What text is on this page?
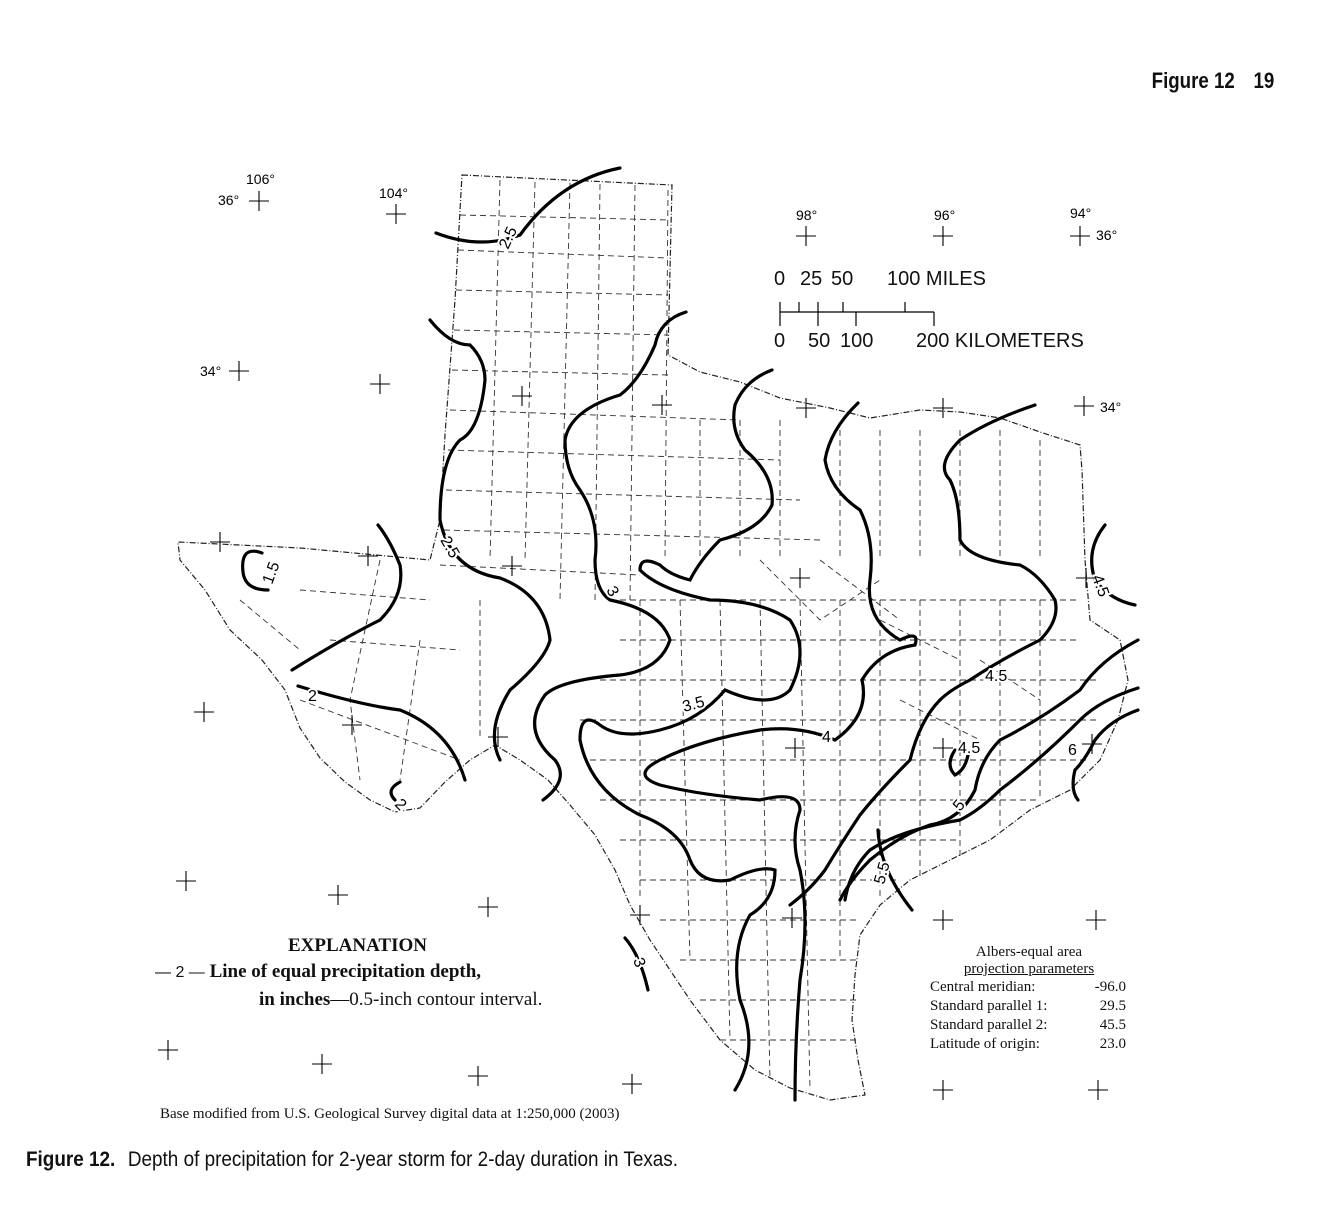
Figure 12 19
1.5
2
2
2.5
2.5
3
3
3.5
4
4.5
4.5
4.5
5
5.5
6
106°
36°	104°
98°	96°	94°
36°
34°
34°
0 25 50 100 MILES
0 50 100 200 KILOMETERS
EXPLANATION
— 2 — Line of equal precipitation depth,
in inches—0.5-inch contour interval.
Albers-equal area
projection parameters
Central meridian:	-96.0
Standard parallel 1:	29.5
Standard parallel 2:	45.5
Latitude of origin:	23.0
Base modified from U.S. Geological Survey digital data at 1:250,000 (2003)
Figure 12. Depth of precipitation for 2-year storm for 2-day duration in Texas.
